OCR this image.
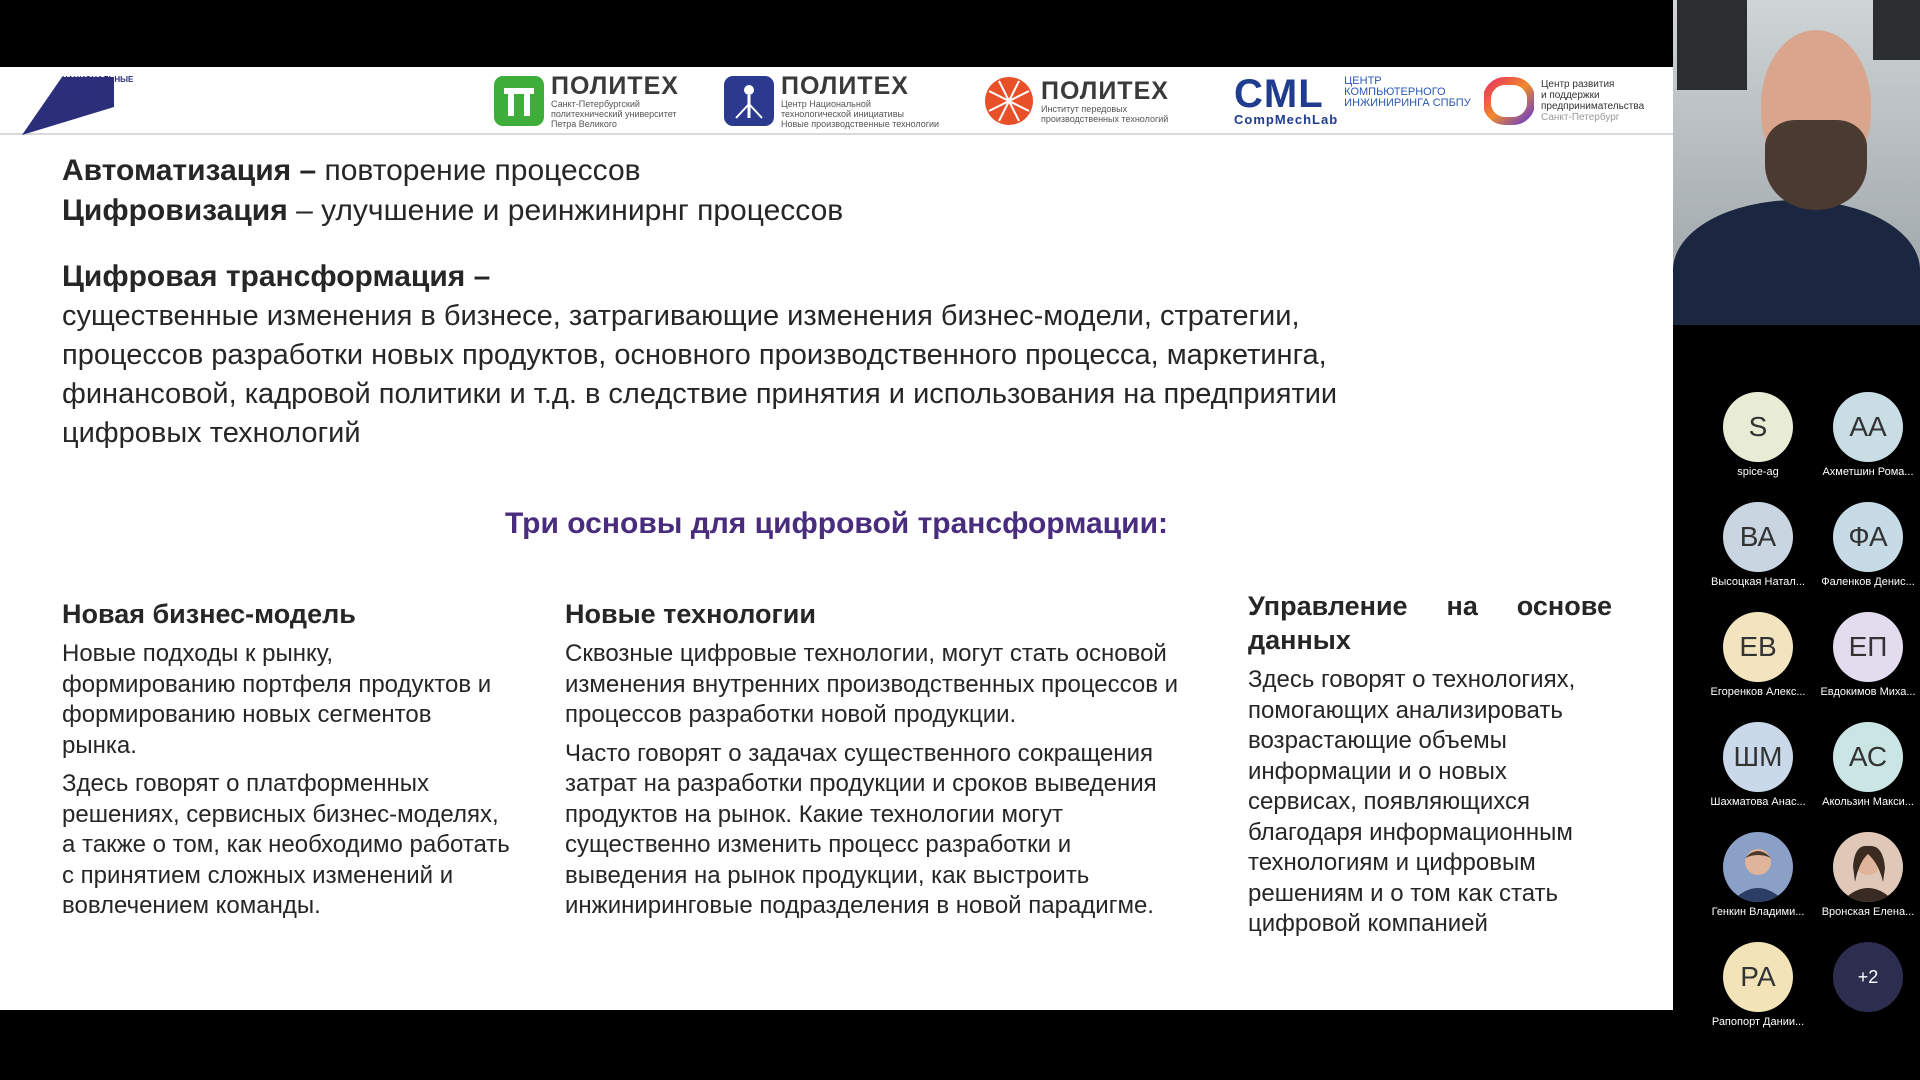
НАЦИОНАЛЬНЫЕ ПРОЕКТЫ РОССИИ	ПОЛИТЕХ
Санкт-Петербургский
политехнический университет
Петра Великого
ПОЛИТЕХ
Центр Национальной
технологической инициативы
Новые производственные технологии
ПОЛИТЕХ
Институт передовых
производственных технологий
CML
CompMechLab
ЦЕНТР
КОМПЬЮТЕРНОГО
ИНЖИНИРИНГА СПБПУ
Центр развития
и поддержки
предпринимательства
Санкт-Петербург
Автоматизация – повторение процессов
Цифровизация – улучшение и реинжинирнг процессов
Цифровая трансформация –
существенные изменения в бизнесе, затрагивающие изменения бизнес-модели, стратегии,
процессов разработки новых продуктов, основного производственного процесса, маркетинга,
финансовой, кадровой политики и т.д. в следствие принятия и использования на предприятии
цифровых технологий
Три основы для цифровой трансформации:
Новая бизнес-модель

Новые подходы к рынку, формированию портфеля продуктов и формированию новых сегментов рынка.

Здесь говорят о платформенных решениях, сервисных бизнес-моделях, а также о том, как необходимо работать с принятием сложных изменений и вовлечением команды.

Новые технологии

Сквозные цифровые технологии, могут стать основой изменения внутренних производственных процессов и процессов разработки новой продукции.

Часто говорят о задачах существенного сокращения затрат на разработки продукции и сроков выведения продуктов на рынок. Какие технологии могут существенно изменить процесс разработки и выведения на рынок продукции, как выстроить инжиниринговые подразделения в новой парадигме.

Управление на основе данных

Здесь говорят о технологиях, помогающих анализировать возрастающие объемы информации и о новых сервисах, появляющихся благодаря информационным технологиям и цифровым решениям и о том как стать цифровой компанией

S
spice-ag
АА
Ахметшин Рома...
ВА
Высоцкая Натал...
ФА
Фаленков Денис...
ЕВ
Егоренков Алекс...
ЕП
Евдокимов Миха...
ШМ
Шахматова Анас...
АС
Акользин Макси...
Генкин Владими...	Вронская Елена...
РА
Рапопорт Дании...
+2
